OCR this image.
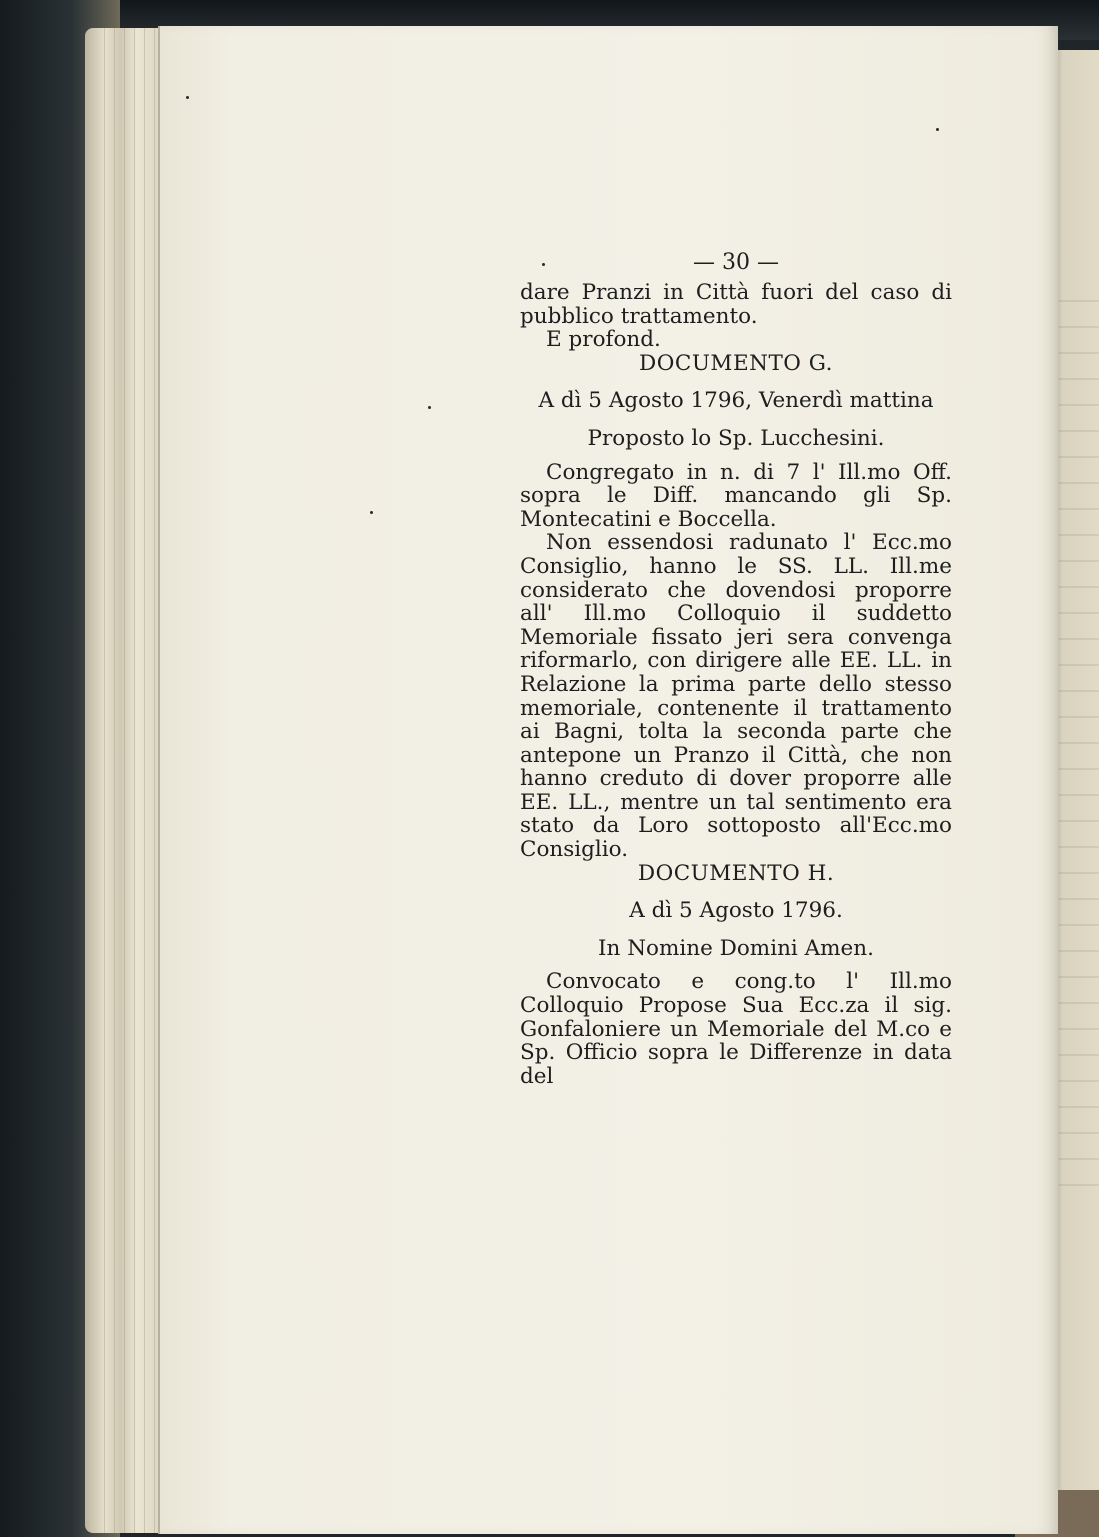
— 30 —

dare Pranzi in Città fuori del caso di pubblico trattamento.

E profond.

DOCUMENTO G.

A dì 5 Agosto 1796, Venerdì mattina

Proposto lo Sp. Lucchesini.

Congregato in n. di 7 l' Ill.mo Off. sopra le Diff. mancando gli Sp. Montecatini e Boccella.

Non essendosi radunato l' Ecc.mo Consiglio, hanno le SS. LL. Ill.me considerato che dovendosi proporre all' Ill.mo Colloquio il suddetto Memoriale fissato jeri sera convenga riformarlo, con dirigere alle EE. LL. in Relazione la prima parte dello stesso memoriale, contenente il trattamento ai Bagni, tolta la seconda parte che antepone un Pranzo il Città, che non hanno creduto di dover proporre alle EE. LL., mentre un tal sentimento era stato da Loro sottoposto all'Ecc.mo Consiglio.

DOCUMENTO H.

A dì 5 Agosto 1796.

In Nomine Domini Amen.

Convocato e cong.to l' Ill.mo Colloquio Propose Sua Ecc.za il sig. Gonfaloniere un Memoriale del M.co e Sp. Officio sopra le Differenze in data del
